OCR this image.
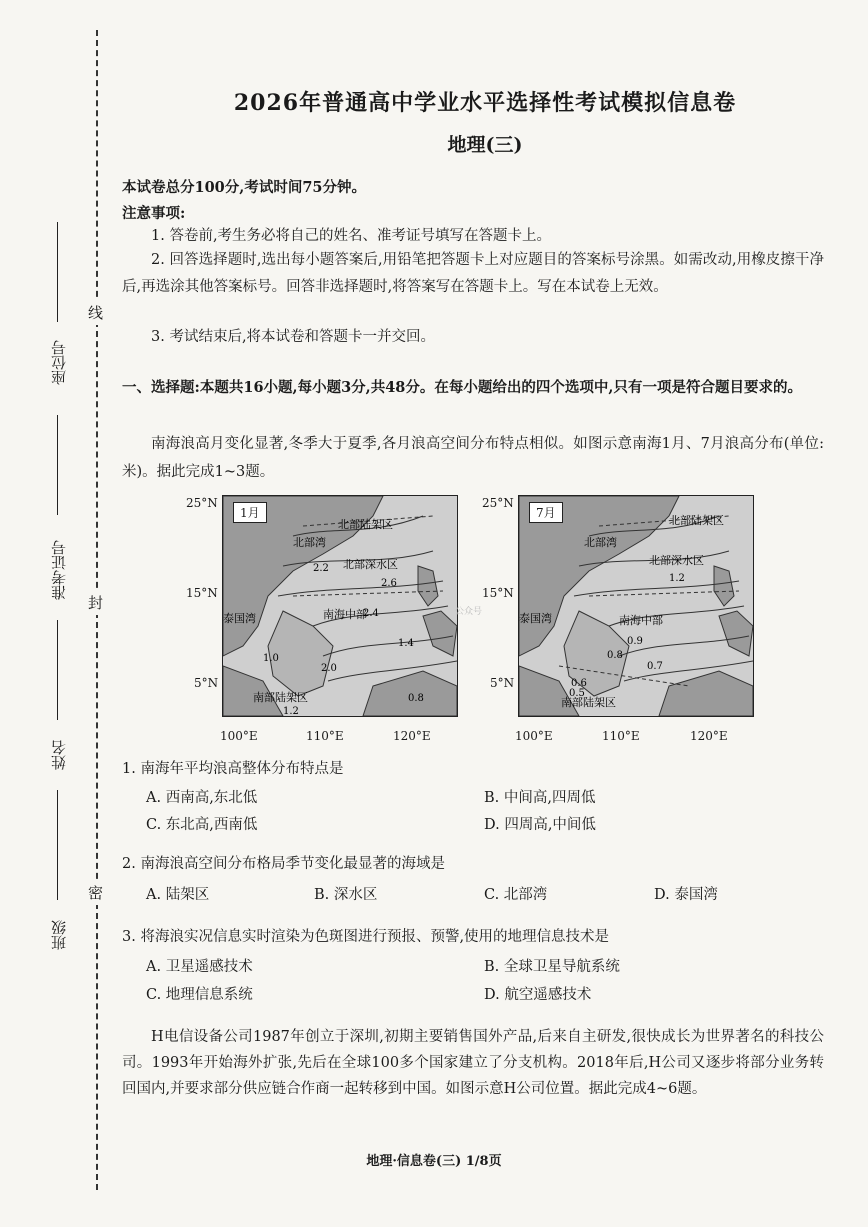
线
封
密
座位号
准考证号
姓名
班级
2026年普通高中学业水平选择性考试模拟信息卷
地理(三)
本试卷总分100分,考试时间75分钟。
注意事项:
1. 答卷前,考生务必将自己的姓名、准考证号填写在答题卡上。
2. 回答选择题时,选出每小题答案后,用铅笔把答题卡上对应题目的答案标号涂黑。如需改动,用橡皮擦干净后,再选涂其他答案标号。回答非选择题时,将答案写在答题卡上。写在本试卷上无效。
3. 考试结束后,将本试卷和答题卡一并交回。
一、选择题:本题共16小题,每小题3分,共48分。在每小题给出的四个选项中,只有一项是符合题目要求的。
南海浪高月变化显著,冬季大于夏季,各月浪高空间分布特点相似。如图示意南海1月、7月浪高分布(单位:米)。据此完成1~3题。
北部湾
北部陆架区
北部深水区
泰国湾	南海中部
南部陆架区
2.6
2.4
2.2
2.0
1.4
0.8
1.0
1.2
1月
北部湾
北部陆架区
北部深水区
泰国湾	南海中部
南部陆架区
1.2
0.9
0.8
0.7
0.6
0.5
7月
25°N
15°N
5°N
100°E	110°E	120°E
25°N
15°N
5°N
100°E	110°E	120°E
公众号
1. 南海年平均浪高整体分布特点是
A. 西南高,东北低	B. 中间高,四周低
C. 东北高,西南低	D. 四周高,中间低
2. 南海浪高空间分布格局季节变化最显著的海域是
A. 陆架区	B. 深水区	C. 北部湾	D. 泰国湾
3. 将海浪实况信息实时渲染为色斑图进行预报、预警,使用的地理信息技术是
A. 卫星遥感技术	B. 全球卫星导航系统
C. 地理信息系统	D. 航空遥感技术
H电信设备公司1987年创立于深圳,初期主要销售国外产品,后来自主研发,很快成长为世界著名的科技公司。1993年开始海外扩张,先后在全球100多个国家建立了分支机构。2018年后,H公司又逐步将部分业务转回国内,并要求部分供应链合作商一起转移到中国。如图示意H公司位置。据此完成4~6题。
地理·信息卷(三) 1/8页
